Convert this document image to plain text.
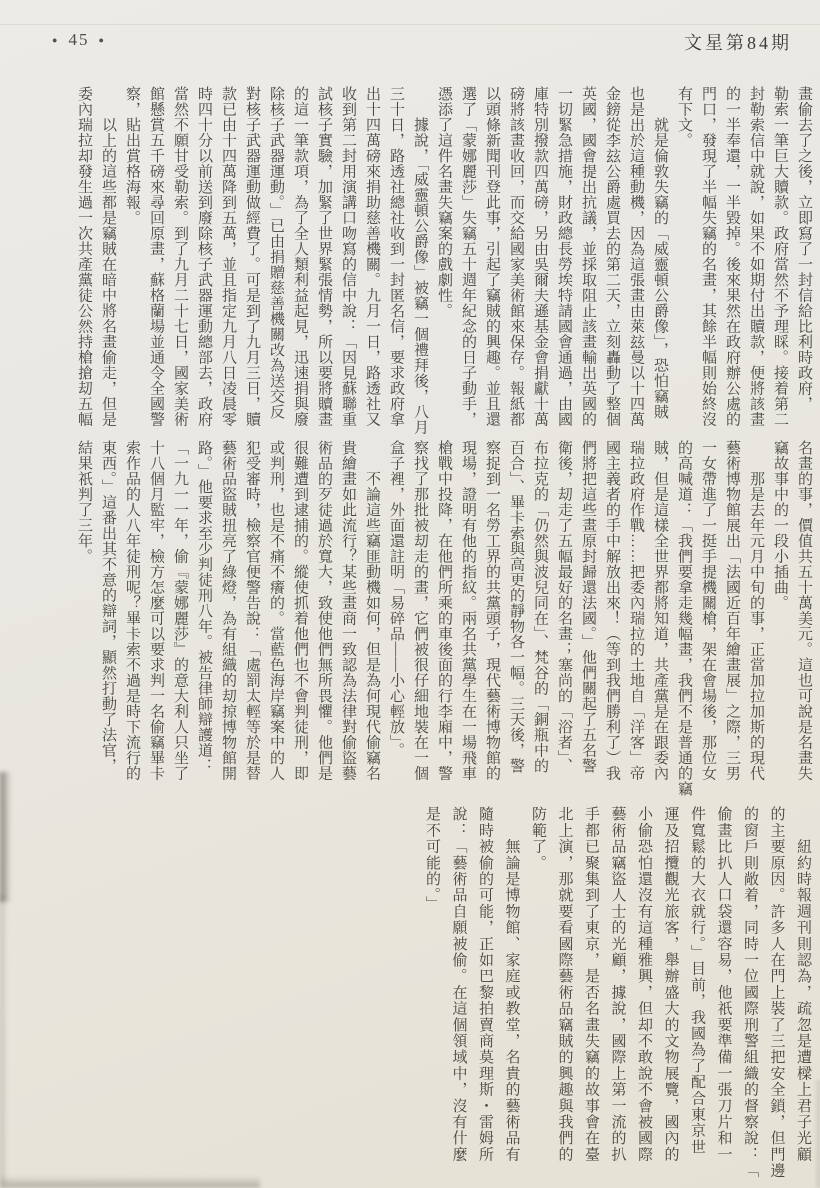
● 45 ●	文星第84期
畫偷去了之後，立即寫了一封信給比利時政府，
勒索一筆巨大贖款。政府當然不予理睬。接着第二
封勒索信中就說，如果不如期付出贖款，便將該畫
的一半奉還，一半毀掉。後來果然在政府辦公處的
門口，發現了半幅失竊的名畫，其餘半幅則始終沒
有下文。
　　就是倫敦失竊的「威靈頓公爵像」，恐怕竊賊
也是出於這種動機，因為這張畫由萊玆曼以十四萬
金鎊從李玆公爵處買去的第二天，立刻轟動了整個
英國，國會提出抗議，並採取阻止該畫輸出英國的
一切緊急措施，財政總長勞埃特請國會通過，由國
庫特別撥款四萬磅，另由吳爾夫遜基金會捐獻十萬
磅將該畫收回，而交給國家美術館來保存。報紙都
以頭條新聞刊登此事，引起了竊賊的興趣。並且還
選了「蒙娜麗莎」失竊五十週年紀念的日子動手，
憑添了這件名畫失竊案的戲劇性。
　　據說，「威靈頓公爵像」被竊一個禮拜後，八月
三十日，路透社總社收到一封匿名信，要求政府拿
出十四萬磅來捐助慈善機關。九月一日，路透社又
收到第二封用演講口吻寫的信中說：「因見蘇聯重
試核子實驗，加緊了世界緊張情勢，所以要將贖畫
的這一筆款項，為了全人類利益起見，迅速捐與廢
除核子武器運動。」已由捐贈慈善機關改為送交反
對核子武器運動做經費了。可是到了九月三日，贖
款已由十四萬降到五萬，並且指定九月八日凌晨零
時四十分以前送到廢除核子武器運動總部去，政府
當然不願甘受勒索。到了九月二十七日，國家美術
館懸賞五千磅來尋回原畫，蘇格蘭場並通令全國警
察，貼出賞格海報。
　　以上的這些都是竊賊在暗中將名畫偷走，但是
委內瑞拉却發生過一次共產黨徒公然持槍搶刧五幅
名畫的事，價值共五十萬美元。這也可說是名畫失
竊故事中的一段小插曲。
　　那是去年元月中旬的事，正當加拉加斯的現代
藝術博物館展出「法國近百年繪畫展」之際，三男
一女帶進了一挺手提機關槍，架在會場後，那位女
的高喊道：「我們要拿走幾幅畫，我們不是普通的竊
賊，但是這樣全世界都將知道，共產黨是在跟委內
瑞拉政府作戰……把委內瑞拉的土地自「洋客」帝
國主義者的手中解放出來！（等到我們勝利了）我
們將把這些畫原封歸還法國。」他們關起了五名警
衛後，刧走了五幅最好的名畫；塞尚的「浴者」、
布拉克的「仍然與波兒同在」、梵谷的「銅瓶中的
百合」、畢卡索與高更的靜物各一幅。三天後，警
察捉到一名勞工界的共黨頭子，現代藝術博物館的
現場，證明有他的指紋。兩名共黨學生在一場飛車
槍戰中投降，在他們所乘的車後面的行李廂中，警
察找了那批被刧走的畫，它們被很仔細地裝在一個
盒子裡，外面還註明「易碎品——小心輕放」。
　　不論這些竊匪動機如何，但是為何現代偷竊名
貴繪畫如此流行？某些畫商一致認為法律對偷盜藝
術品的歹徒過於寬大，致使他們無所畏懼。他們是
很難遭到逮捕的。縱使抓着他們也不會判徒刑，即
或判刑，也是不痛不癢的。當藍色海岸竊案中的人
犯受審時，檢察官便警告說：「處罰太輕等於是替
藝術品盜賊扭亮了綠燈，為有組織的刧掠博物館開
路。」他要求至少判徒刑八年。被告律師辯護道：
「一九一一年，偷『蒙娜麗莎』的意大利人只坐了
十八個月監牢，檢方怎麼可以要求判一名偷竊畢卡
索作品的人八年徒刑呢？畢卡索不過是時下流行的
東西。」這番出其不意的辯詞，顯然打動了法官，
結果祇判了三年。
　　紐約時報週刊則認為，疏忽是遭樑上君子光顧
的主要原因。許多人在門上裝了三把安全鎖，但門邊
的窗戶則敞着，同時一位國際刑警組織的督察說：「
偷畫比扒人口袋還容易，他祇要準備一張刀片和一
件寬鬆的大衣就行。」目前，我國為了配合東京世
運及招攬觀光旅客，舉辦盛大的文物展覽，國內的
小偷恐怕還沒有這種雅興，但却不敢說不會被國際
藝術品竊盜人士的光顧，據說，國際上第一流的扒
手都已聚集到了東京，是否名畫失竊的故事會在臺
北上演，那就要看國際藝術品竊賊的興趣與我們的
防範了。
　　無論是博物館、家庭或教堂，名貴的藝術品有
隨時被偷的可能，正如巴黎拍賣商莫理斯・雷姆所
說：「藝術品自願被偷。在這個領域中，沒有什麼
是不可能的。」
